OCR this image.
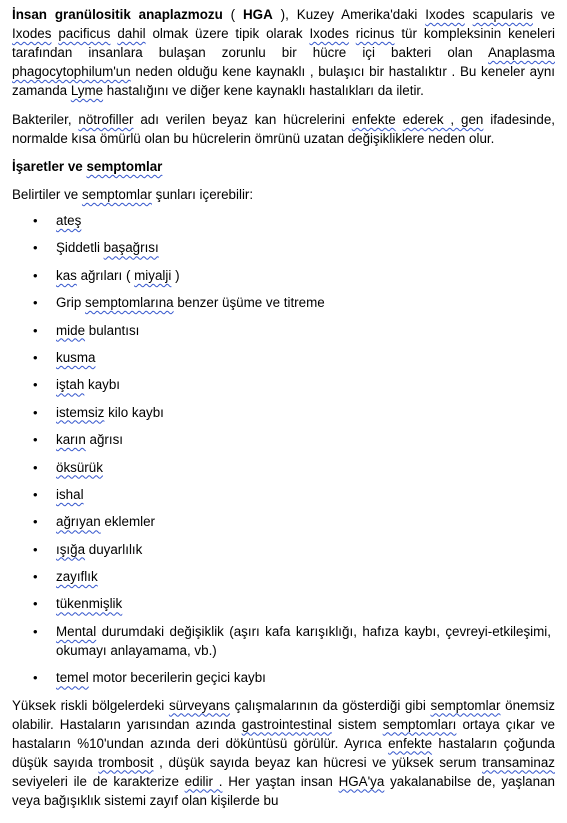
İnsan granülositik anaplazmozu ( HGA ), Kuzey Amerika'daki Ixodes scapularis ve Ixodes pacificus dahil olmak üzere tipik olarak Ixodes ricinus tür kompleksinin keneleri tarafından insanlara bulaşan zorunlu bir hücre içi bakteri olan Anaplasma phagocytophilum'un neden olduğu kene kaynaklı , bulaşıcı bir hastalıktır . Bu keneler aynı zamanda Lyme hastalığını ve diğer kene kaynaklı hastalıkları da iletir.

Bakteriler, nötrofiller adı verilen beyaz kan hücrelerini enfekte ederek , gen ifadesinde, normalde kısa ömürlü olan bu hücrelerin ömrünü uzatan değişikliklere neden olur.

İşaretler ve semptomlar

Belirtiler ve semptomlar şunları içerebilir:

• ateş
• Şiddetli başağrısı
• kas ağrıları ( miyalji )
• Grip semptomlarına benzer üşüme ve titreme
• mide bulantısı
• kusma
• iştah kaybı
• istemsiz kilo kaybı
• karın ağrısı
• öksürük
• ishal
• ağrıyan eklemler
• ışığa duyarlılık
• zayıflık
• tükenmişlik
• Mental durumdaki değişiklik (aşırı kafa karışıklığı, hafıza kaybı, çevreyi-etkileşimi, okumayı anlayamama, vb.)
• temel motor becerilerin geçici kaybı

Yüksek riskli bölgelerdeki sürveyans çalışmalarının da gösterdiği gibi semptomlar önemsiz olabilir. Hastaların yarısından azında gastrointestinal sistem semptomları ortaya çıkar ve hastaların %10'undan azında deri döküntüsü görülür. Ayrıca enfekte hastaların çoğunda düşük sayıda trombosit , düşük sayıda beyaz kan hücresi ve yüksek serum transaminaz seviyeleri ile de karakterize edilir . Her yaştan insan HGA'ya yakalanabilse de, yaşlanan veya bağışıklık sistemi zayıf olan kişilerde bu
